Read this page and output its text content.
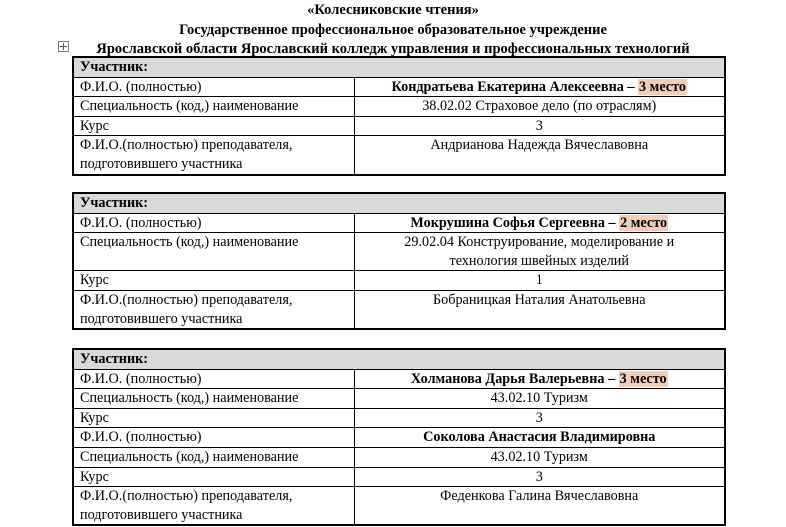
«Колесниковские чтения»
Государственное профессиональное образовательное учреждение
Ярославской области Ярославский колледж управления и профессиональных технологий
Участник:	
Ф.И.О. (полностью)	Кондратьева Екатерина Алексеевна – 3 место
Специальность (код,) наименование	38.02.02 Страховое дело (по отраслям)
Курс	3
Ф.И.О.(полностью) преподавателя,
подготовившего участника	Андрианова Надежда Вячеславовна
Участник:	
Ф.И.О. (полностью)	Мокрушина Софья Сергеевна – 2 место
Специальность (код,) наименование	29.02.04 Конструирование, моделирование и
технология швейных изделий
Курс	1
Ф.И.О.(полностью) преподавателя,
подготовившего участника	Бобраницкая Наталия Анатольевна
Участник:	
Ф.И.О. (полностью)	Холманова Дарья Валерьевна – 3 место
Специальность (код,) наименование	43.02.10 Туризм
Курс	3
Ф.И.О. (полностью)	Соколова Анастасия Владимировна
Специальность (код,) наименование	43.02.10 Туризм
Курс	3
Ф.И.О.(полностью) преподавателя,
подготовившего участника	Феденкова Галина Вячеславовна
